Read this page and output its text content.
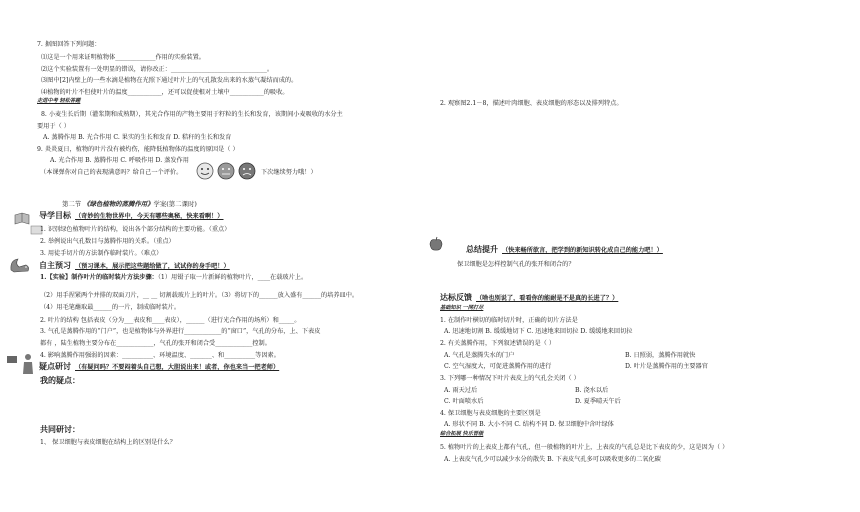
7. 据图回答下列问题：
⑴这是一个用来证明植物体_____________作用的实验装置。
⑵这个实验装置有一处明显的错误，请你改正：_______________________________。
⑶图中[2]内壁上的一些水滴是植物在光照下通过叶片上的气孔散发出来的水蒸气凝结而成的。
⑷植物的叶片不但使叶片的温度___________，还可以促使根对土壤中___________的吸收。
走进中考 轻松答题
8. 小麦生长后期（灌浆期和成熟期），其光合作用的产物主要用于籽粒的生长和发育，该期间小麦吸收的水分主
要用于（ ）
A. 蒸腾作用 B. 光合作用 C. 果实的生长和发育 D. 秸秆的生长和发育
9. 炎炎夏日，植物的叶片没有被灼伤，能降低植物体的温度的原因是（ ）
A. 光合作用 B. 蒸腾作用 C. 呼吸作用 D. 蒸发作用
（本课弹你对自己的表现满意吗？给自己一个评价。	下次继续努力哦！）
第二节 《绿色植物的蒸腾作用》学案(第二课时)
导学目标 （奇妙的生物世界中，今天有哪些奥秘，快来看啊！）
1. 识别绿色植物叶片的结构，说出各个部分结构的主要功能。（重点）
2. 举例说出气孔数目与蒸腾作用的关系。（重点）
3. 用徒手切片的方法制作临时装片。（难点）
自主预习 （预习课本，展示把这些题给做了，试试你的身手吧！）
1.【实验】制作叶片的临时装片方法步骤：（1）用镊子取一片新鲜的植物叶片，____在载玻片上。
（2）用手捏紧两个并排的双面刀片，__ __ 切割载玻片上的叶片。（3）将切下的______放入盛有______的培养皿中。
（4）用毛笔蘸取最______的一片，制成临时装片。
2. 叶片的结构 包括表皮（分为___表皮和____表皮），______（进行光合作用的场所）和_____。
3. 气孔是蒸腾作用的“门户”，也是植物体与外界进行____________的“窗口”，气孔的分布，上、下表皮
都有 ，陆生植物主要分布在____________，气孔的张开和闭合受____________控制。
4. 影响蒸腾作用强弱的因素：__________、环境温度、_______、和__________等因素。
疑点研讨 （有疑问吗？不要闷着头自己想，大胆说出来！或者，你也来当一把老师）
我的疑点：
共同研讨：
1、 保卫细胞与表皮细胞在结构上的区别是什么？
2. 观察图2.1－8，描述叶肉细胞、表皮细胞的形态以及排列特点。
总结提升 （快来畅所欲言，把学到的新知识转化成自己的能力吧！）
保卫细胞是怎样控制气孔的张开和闭合的？
达标反馈 （啥也别说了，看看你的能耐是不是真的长进了？）
基础知识 一网打尽
1. 在制作叶横切的临时切片时，正确的切片方法是
A. 迅速地切割 B. 缓缓地切下 C. 迅速地来回切拉 D. 缓缓地来回切拉
2. 有关蒸腾作用，下列叙述错误的是（ ）
A. 气孔是蒸腾失水的门户	B. 日照弱，蒸腾作用就快
C. 空气湿度大，可促进蒸腾作用的进行	D. 叶片是蒸腾作用的主要器官
3. 下列哪一种情况下叶片表皮上的气孔会关闭（ ）
A. 雨天过后	B. 浇水以后
C. 叶面喷水后	D. 夏季晴天午后
4. 保卫细胞与表皮细胞的主要区别是
A. 形状不同 B. 大小不同 C. 结构不同 D. 保卫细胞中含叶绿体
综合拓展 快乐晋级
5. 植物叶片的上表皮上都有气孔，但一般植物的叶片上，上表皮的气孔总是比下表皮的少，这是因为（ ）
A. 上表皮气孔少可以减少水分的散失 B. 下表皮气孔多可以吸收更多的二氧化碳
